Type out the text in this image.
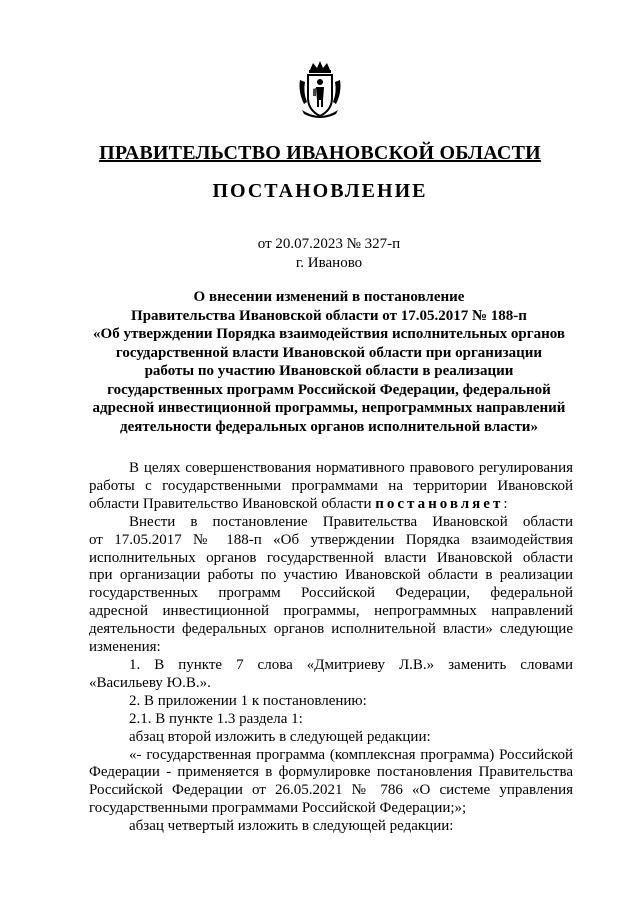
ПРАВИТЕЛЬСТВО ИВАНОВСКОЙ ОБЛАСТИ
ПОСТАНОВЛЕНИЕ
от 20.07.2023 № 327-п
г. Иваново
О внесении изменений в постановление
Правительства Ивановской области от 17.05.2017 № 188-п
«Об утверждении Порядка взаимодействия исполнительных органов
государственной власти Ивановской области при организации
работы по участию Ивановской области в реализации
государственных программ Российской Федерации, федеральной
адресной инвестиционной программы, непрограммных направлений
деятельности федеральных органов исполнительной власти»

В целях совершенствования нормативного правового регулирования

работы с государственными программами на территории Ивановской

области Правительство Ивановской области постановляет:

Внести в постановление Правительства Ивановской области

от 17.05.2017 № 188-п «Об утверждении Порядка взаимодействия

исполнительных органов государственной власти Ивановской области

при организации работы по участию Ивановской области в реализации

государственных программ Российской Федерации, федеральной

адресной инвестиционной программы, непрограммных направлений

деятельности федеральных органов исполнительной власти» следующие

изменения:

1. В пункте 7 слова «Дмитриеву Л.В.» заменить словами

«Васильеву Ю.В.».

2. В приложении 1 к постановлению:

2.1. В пункте 1.3 раздела 1:

абзац второй изложить в следующей редакции:

«- государственная программа (комплексная программа) Российской

Федерации - применяется в формулировке постановления Правительства

Российской Федерации от 26.05.2021 № 786 «О системе управления

государственными программами Российской Федерации;»;

абзац четвертый изложить в следующей редакции:
